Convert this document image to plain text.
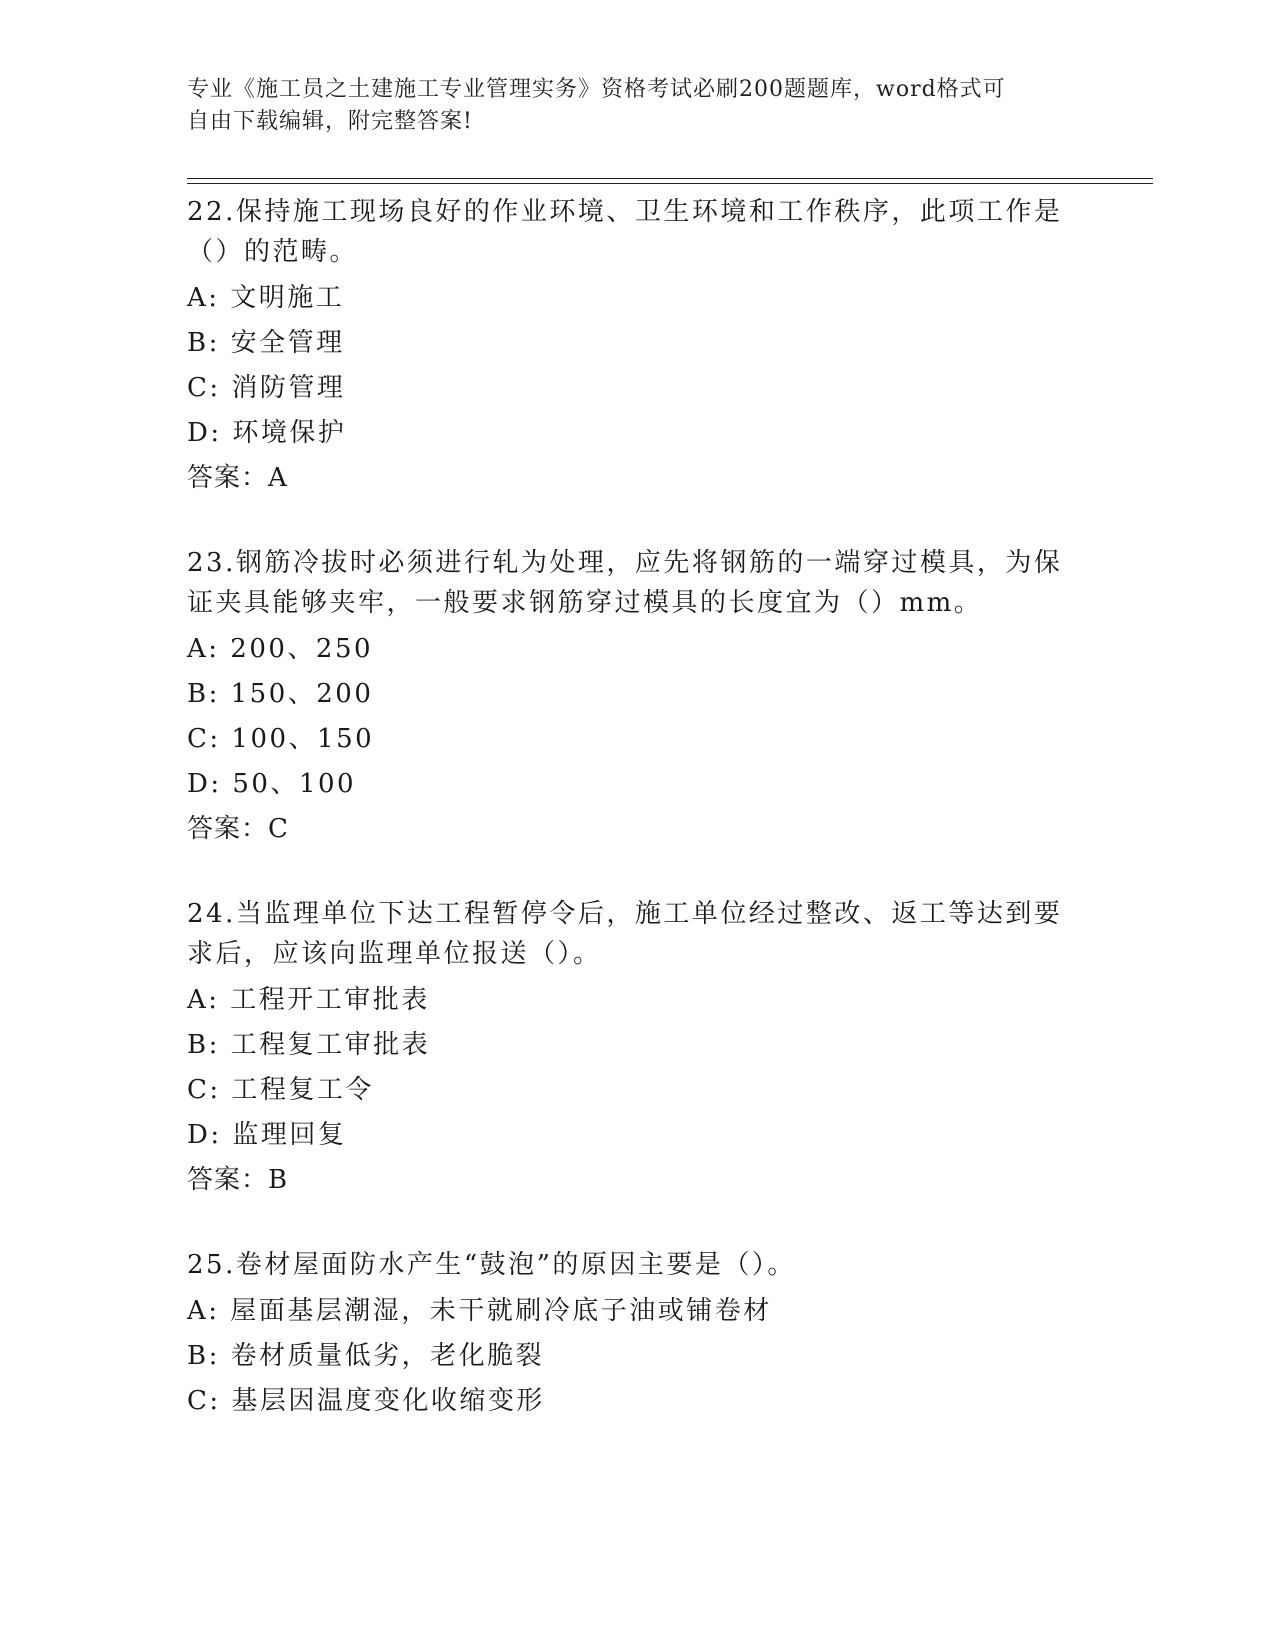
专业《施工员之土建施工专业管理实务》资格考试必刷200题题库，word格式可
自由下载编辑，附完整答案!

22.保持施工现场良好的作业环境、卫生环境和工作秩序，此项工作是（）的范畴。

A: 文明施工

B: 安全管理

C: 消防管理

D: 环境保护

答案：A

23.钢筋冷拔时必须进行轧为处理，应先将钢筋的一端穿过模具，为保证夹具能够夹牢，一般要求钢筋穿过模具的长度宜为（）mm。

A: 200、250

B: 150、200

C: 100、150

D: 50、100

答案：C

24.当监理单位下达工程暂停令后，施工单位经过整改、返工等达到要求后，应该向监理单位报送（）。

A: 工程开工审批表

B: 工程复工审批表

C: 工程复工令

D: 监理回复

答案：B

25.卷材屋面防水产生“鼓泡”的原因主要是（）。

A: 屋面基层潮湿，未干就刷冷底子油或铺卷材

B: 卷材质量低劣，老化脆裂

C: 基层因温度变化收缩变形
